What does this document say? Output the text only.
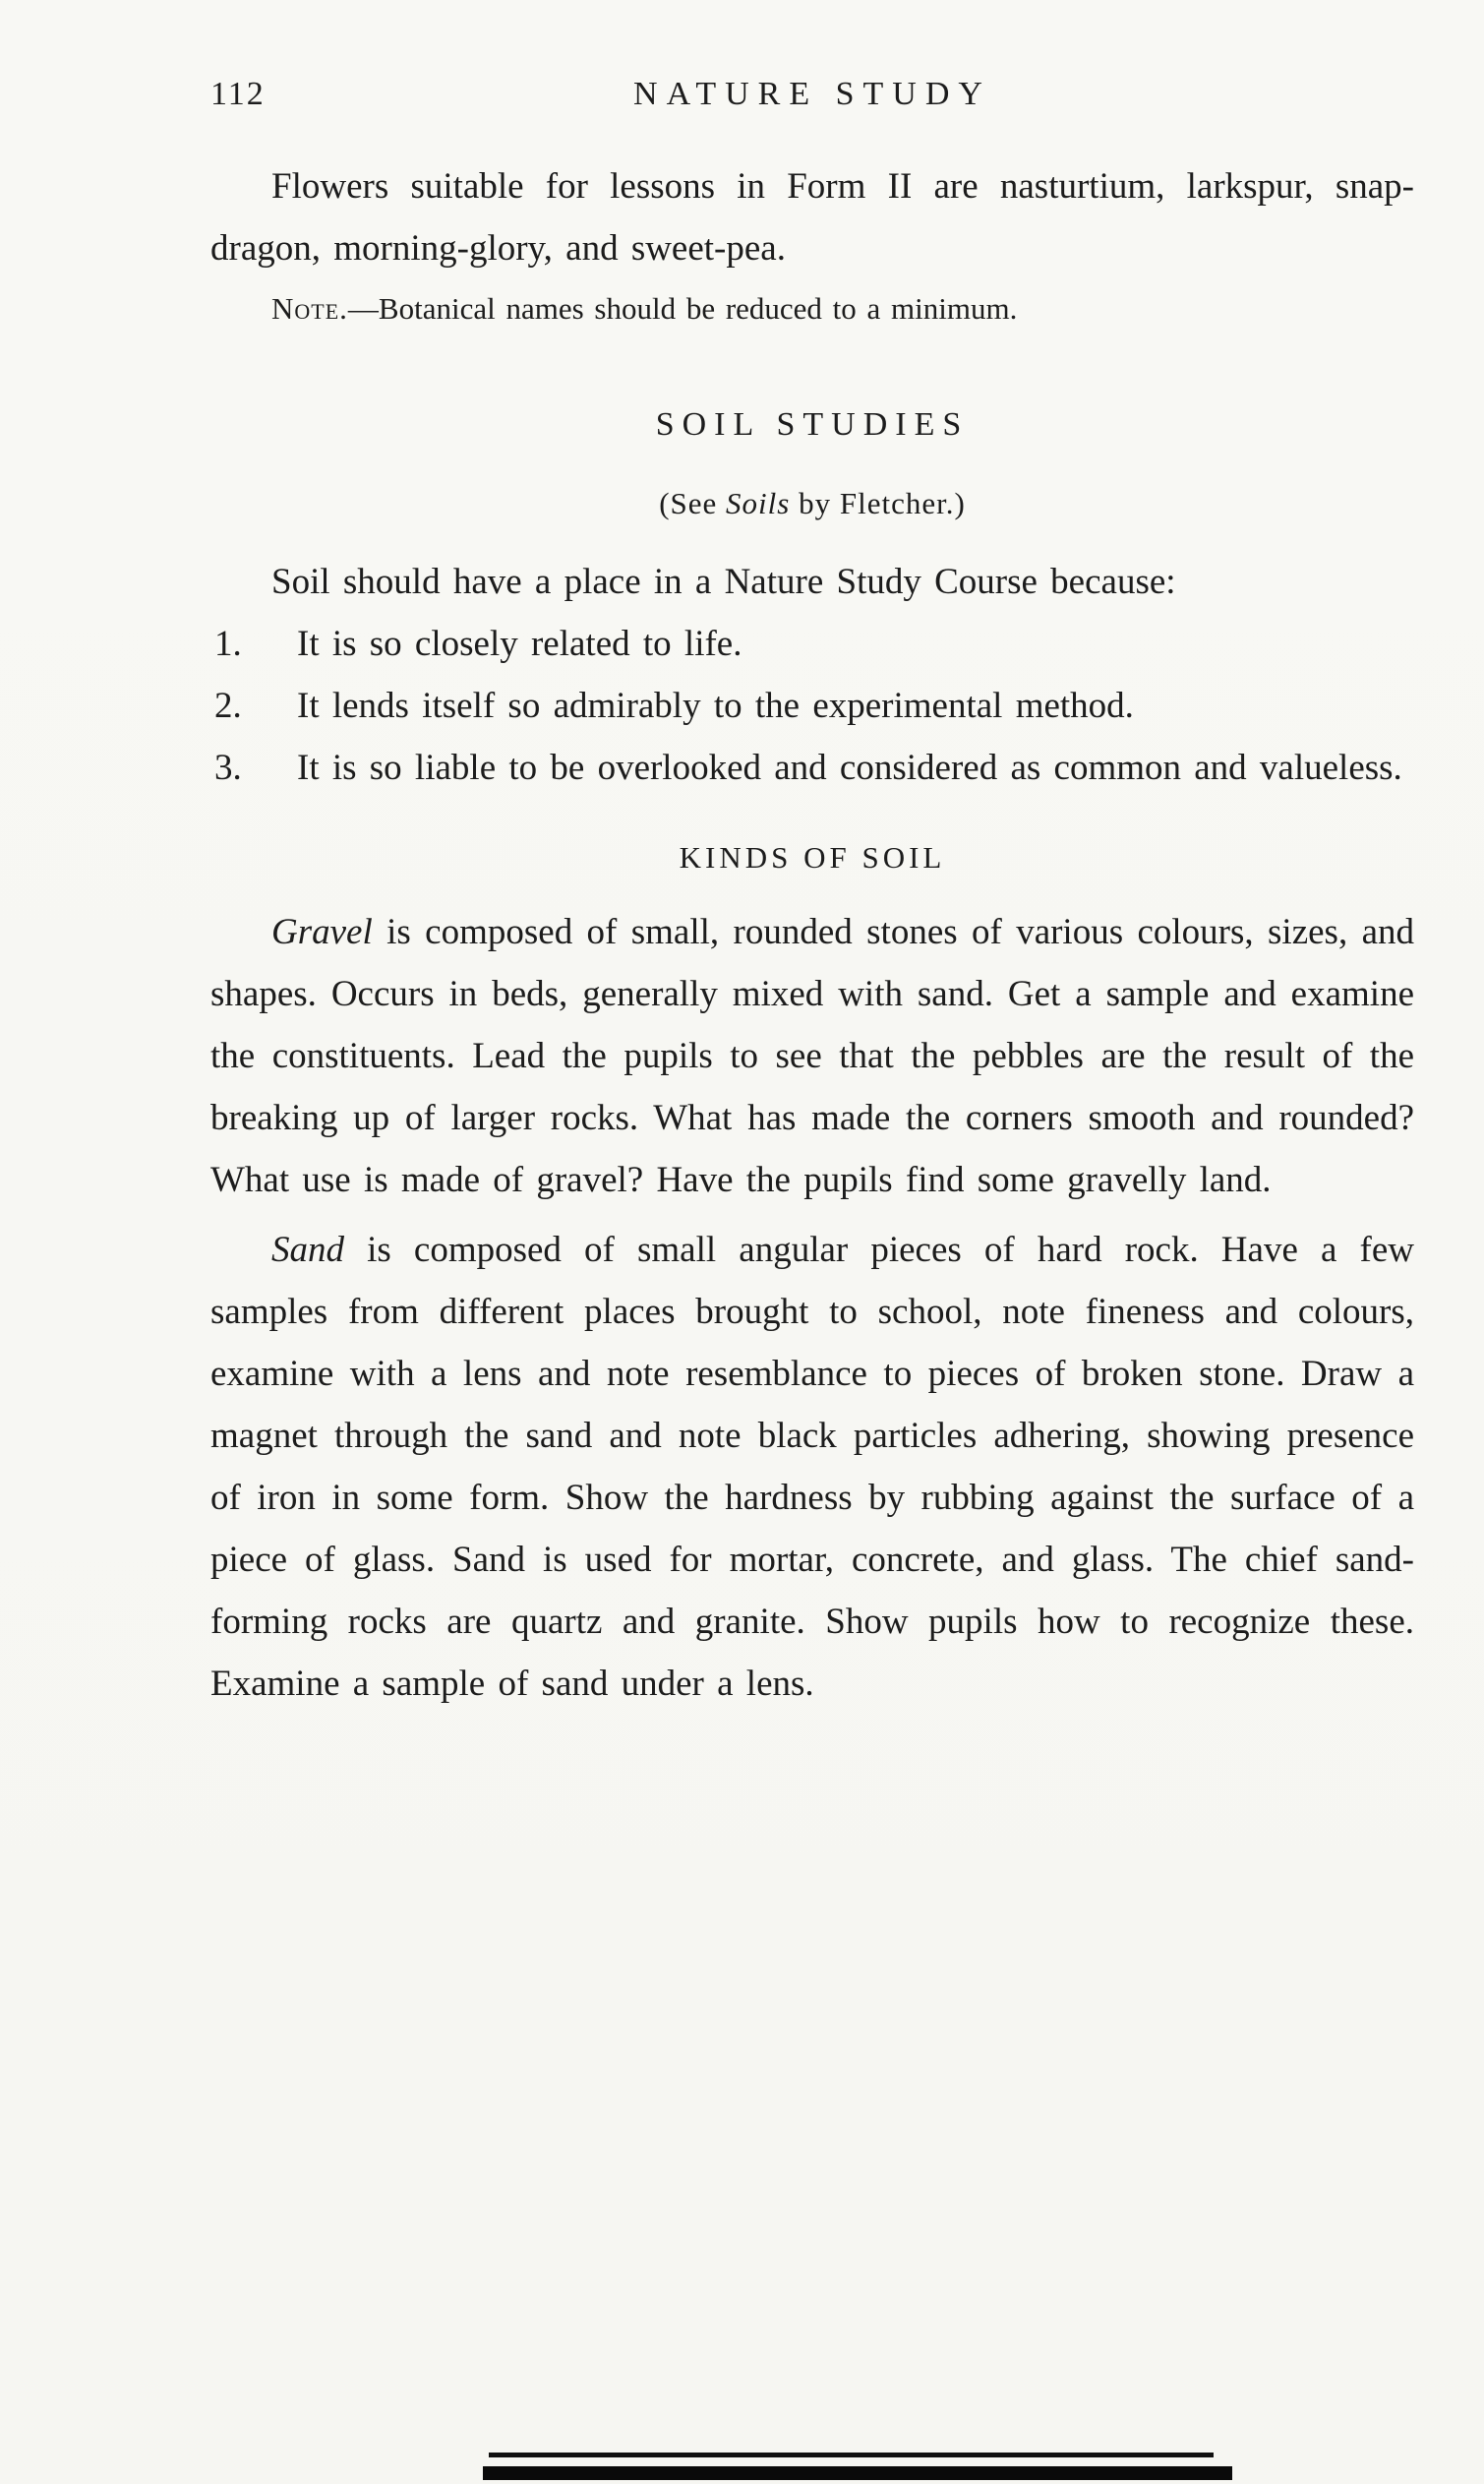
112	NATURE STUDY

Flowers suitable for lessons in Form II are nasturtium, larkspur, snap-dragon, morning-glory, and sweet-pea.

Note.—Botanical names should be reduced to a minimum.

SOIL STUDIES
(See Soils by Fletcher.)

Soil should have a place in a Nature Study Course because:

1.	It is so closely related to life.
2.	It lends itself so admirably to the experimental method.
3.	It is so liable to be overlooked and considered as common and valueless.
KINDS OF SOIL

Gravel is composed of small, rounded stones of various colours, sizes, and shapes. Occurs in beds, generally mixed with sand. Get a sample and examine the constituents. Lead the pupils to see that the pebbles are the result of the breaking up of larger rocks. What has made the corners smooth and rounded? What use is made of gravel? Have the pupils find some gravelly land.

Sand is composed of small angular pieces of hard rock. Have a few samples from different places brought to school, note fineness and colours, examine with a lens and note resemblance to pieces of broken stone. Draw a magnet through the sand and note black particles adhering, showing presence of iron in some form. Show the hardness by rubbing against the surface of a piece of glass. Sand is used for mortar, concrete, and glass. The chief sand-forming rocks are quartz and granite. Show pupils how to recognize these. Examine a sample of sand under a lens.
